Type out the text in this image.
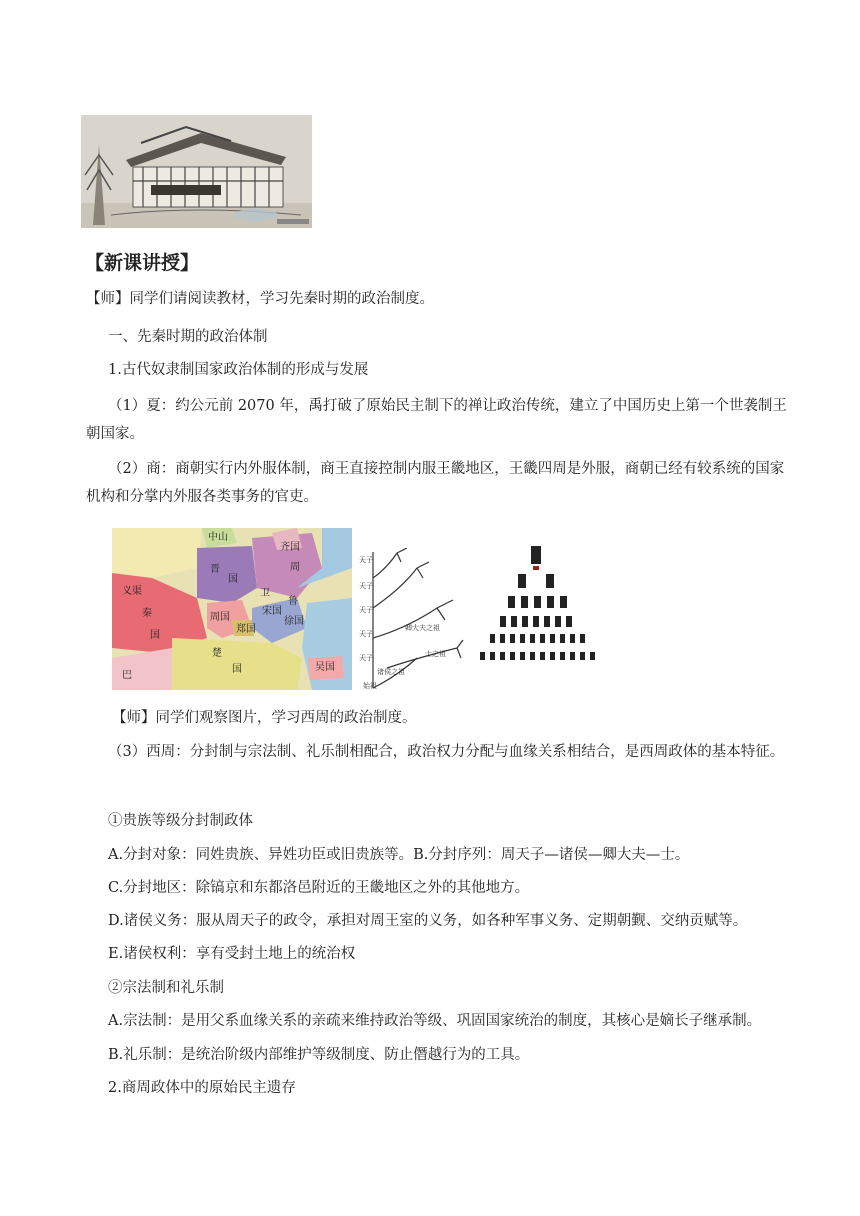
【新课讲授】
【师】同学们请阅读教材，学习先秦时期的政治制度。
一、先秦时期的政治体制
1.古代奴隶制国家政治体制的形成与发展
（1）夏：约公元前 2070 年，禹打破了原始民主制下的禅让政治传统，建立了中国历史上第一个世袭制王朝国家。
（2）商：商朝实行内外服体制，商王直接控制内服王畿地区，王畿四周是外服，商朝已经有较系统的国家机构和分掌内外服各类事务的官吏。
中山
齐国
义渠
晋
国
周
卫
宋国
鲁
徐国
秦
国
周国
郑国
楚
国
巴
吴国
天子
天子
天子
天子
天子
诸侯之祖
卿大夫之祖
士之祖
始祖
【师】同学们观察图片，学习西周的政治制度。
（3）西周：分封制与宗法制、礼乐制相配合，政治权力分配与血缘关系相结合，是西周政体的基本特征。
①贵族等级分封制政体
A.分封对象：同姓贵族、异姓功臣或旧贵族等。B.分封序列：周天子—诸侯—卿大夫—士。
C.分封地区：除镐京和东都洛邑附近的王畿地区之外的其他地方。
D.诸侯义务：服从周天子的政令，承担对周王室的义务，如各种军事义务、定期朝觐、交纳贡赋等。
E.诸侯权利：享有受封土地上的统治权
②宗法制和礼乐制
A.宗法制：是用父系血缘关系的亲疏来维持政治等级、巩固国家统治的制度，其核心是嫡长子继承制。
B.礼乐制：是统治阶级内部维护等级制度、防止僭越行为的工具。
2.商周政体中的原始民主遗存
